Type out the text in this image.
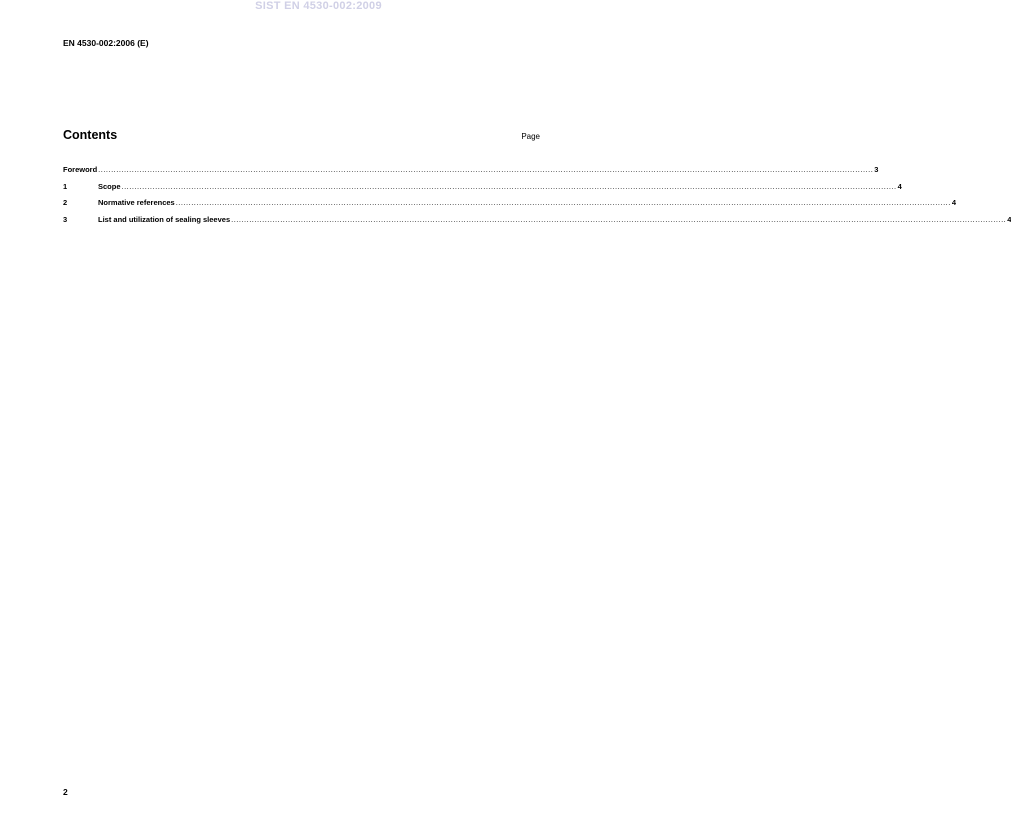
SIST EN 4530-002:2009
EN 4530-002:2006 (E)
Contents	Page
Foreword ............................................................................................................................................................................................................................................................................................................ 3
1	Scope ............................................................................................................................................................................................................................................................................................................ 4
2	Normative references ............................................................................................................................................................................................................................................................................................................ 4
3	List and utilization of sealing sleeves ............................................................................................................................................................................................................................................................................................................ 4
2
